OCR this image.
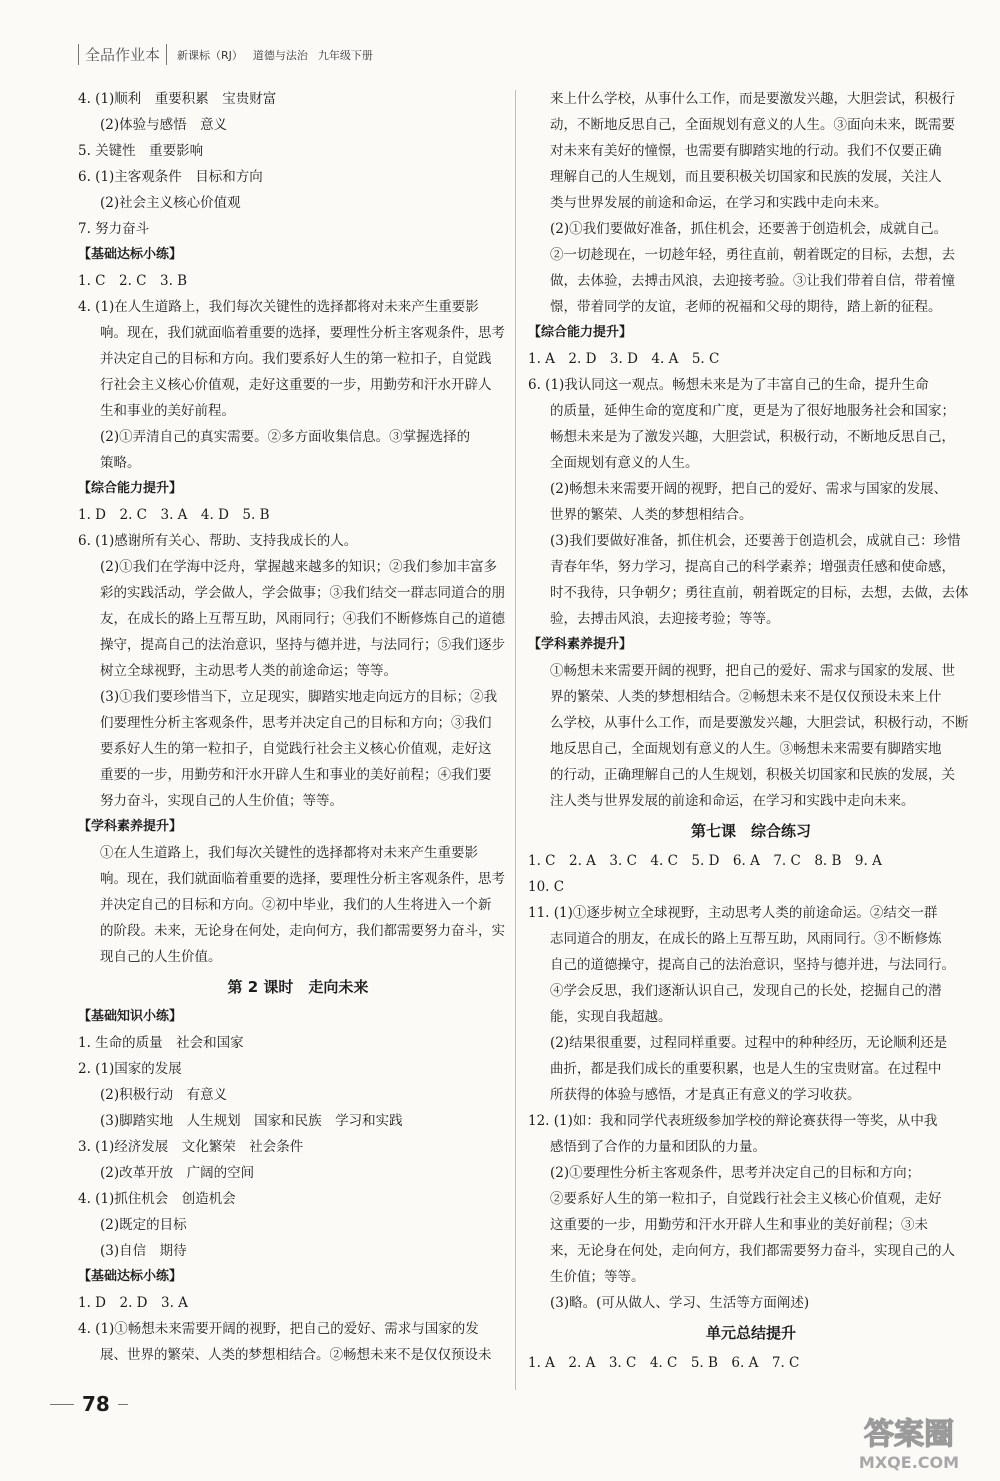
全品作业本	新课标（RJ） 道德与法治 九年级下册

4. (1)顺利　重要积累　宝贵财富

(2)体验与感悟　意义

5. 关键性　重要影响

6. (1)主客观条件　目标和方向

(2)社会主义核心价值观

7. 努力奋斗

【基础达标小练】

1. C　2. C　3. B

4. (1)在人生道路上，我们每次关键性的选择都将对未来产生重要影

响。现在，我们就面临着重要的选择，要理性分析主客观条件，思考

并决定自己的目标和方向。我们要系好人生的第一粒扣子，自觉践

行社会主义核心价值观，走好这重要的一步，用勤劳和汗水开辟人

生和事业的美好前程。

(2)①弄清自己的真实需要。②多方面收集信息。③掌握选择的

策略。

【综合能力提升】

1. D　2. C　3. A　4. D　5. B

6. (1)感谢所有关心、帮助、支持我成长的人。

(2)①我们在学海中泛舟，掌握越来越多的知识；②我们参加丰富多

彩的实践活动，学会做人，学会做事；③我们结交一群志同道合的朋

友，在成长的路上互帮互助，风雨同行；④我们不断修炼自己的道德

操守，提高自己的法治意识，坚持与德并进，与法同行；⑤我们逐步

树立全球视野，主动思考人类的前途命运；等等。

(3)①我们要珍惜当下，立足现实，脚踏实地走向远方的目标；②我

们要理性分析主客观条件，思考并决定自己的目标和方向；③我们

要系好人生的第一粒扣子，自觉践行社会主义核心价值观，走好这

重要的一步，用勤劳和汗水开辟人生和事业的美好前程；④我们要

努力奋斗，实现自己的人生价值；等等。

【学科素养提升】

①在人生道路上，我们每次关键性的选择都将对未来产生重要影

响。现在，我们就面临着重要的选择，要理性分析主客观条件，思考

并决定自己的目标和方向。②初中毕业，我们的人生将进入一个新

的阶段。未来，无论身在何处，走向何方，我们都需要努力奋斗，实

现自己的人生价值。

第 2 课时　走向未来

【基础知识小练】

1. 生命的质量　社会和国家

2. (1)国家的发展

(2)积极行动　有意义

(3)脚踏实地　人生规划　国家和民族　学习和实践

3. (1)经济发展　文化繁荣　社会条件

(2)改革开放　广阔的空间

4. (1)抓住机会　创造机会

(2)既定的目标

(3)自信　期待

【基础达标小练】

1. D　2. D　3. A

4. (1)①畅想未来需要开阔的视野，把自己的爱好、需求与国家的发

展、世界的繁荣、人类的梦想相结合。②畅想未来不是仅仅预设未

来上什么学校，从事什么工作，而是要激发兴趣，大胆尝试，积极行

动，不断地反思自己，全面规划有意义的人生。③面向未来，既需要

对未来有美好的憧憬，也需要有脚踏实地的行动。我们不仅要正确

理解自己的人生规划，而且要积极关切国家和民族的发展，关注人

类与世界发展的前途和命运，在学习和实践中走向未来。

(2)①我们要做好准备，抓住机会，还要善于创造机会，成就自己。

②一切趁现在，一切趁年轻，勇往直前，朝着既定的目标，去想，去

做，去体验，去搏击风浪，去迎接考验。③让我们带着自信，带着憧

憬，带着同学的友谊，老师的祝福和父母的期待，踏上新的征程。

【综合能力提升】

1. A　2. D　3. D　4. A　5. C

6. (1)我认同这一观点。畅想未来是为了丰富自己的生命，提升生命

的质量，延伸生命的宽度和广度，更是为了很好地服务社会和国家；

畅想未来是为了激发兴趣，大胆尝试，积极行动，不断地反思自己，

全面规划有意义的人生。

(2)畅想未来需要开阔的视野，把自己的爱好、需求与国家的发展、

世界的繁荣、人类的梦想相结合。

(3)我们要做好准备，抓住机会，还要善于创造机会，成就自己：珍惜

青春年华，努力学习，提高自己的科学素养；增强责任感和使命感，

时不我待，只争朝夕；勇往直前，朝着既定的目标，去想，去做，去体

验，去搏击风浪，去迎接考验；等等。

【学科素养提升】

①畅想未来需要开阔的视野，把自己的爱好、需求与国家的发展、世

界的繁荣、人类的梦想相结合。②畅想未来不是仅仅预设未来上什

么学校，从事什么工作，而是要激发兴趣，大胆尝试，积极行动，不断

地反思自己，全面规划有意义的人生。③畅想未来需要有脚踏实地

的行动，正确理解自己的人生规划，积极关切国家和民族的发展，关

注人类与世界发展的前途和命运，在学习和实践中走向未来。

第七课　综合练习

1. C　2. A　3. C　4. C　5. D　6. A　7. C　8. B　9. A

10. C

11. (1)①逐步树立全球视野，主动思考人类的前途命运。②结交一群

志同道合的朋友，在成长的路上互帮互助，风雨同行。③不断修炼

自己的道德操守，提高自己的法治意识，坚持与德并进，与法同行。

④学会反思，我们逐渐认识自己，发现自己的长处，挖掘自己的潜

能，实现自我超越。

(2)结果很重要，过程同样重要。过程中的种种经历，无论顺利还是

曲折，都是我们成长的重要积累，也是人生的宝贵财富。在过程中

所获得的体验与感悟，才是真正有意义的学习收获。

12. (1)如：我和同学代表班级参加学校的辩论赛获得一等奖，从中我

感悟到了合作的力量和团队的力量。

(2)①要理性分析主客观条件，思考并决定自己的目标和方向；

②要系好人生的第一粒扣子，自觉践行社会主义核心价值观，走好

这重要的一步，用勤劳和汗水开辟人生和事业的美好前程；③未

来，无论身在何处，走向何方，我们都需要努力奋斗，实现自己的人

生价值；等等。

(3)略。(可从做人、学习、生活等方面阐述)

单元总结提升

1. A　2. A　3. C　4. C　5. B　6. A　7. C

78
答案圈
MXQE.COM
